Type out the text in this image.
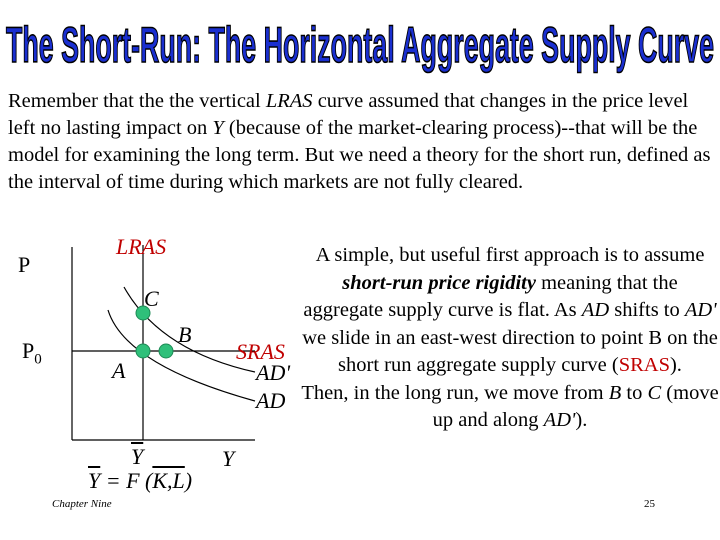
The Short-Run: The Horizontal Aggregate Supply Curve
Remember that the the vertical LRAS curve assumed that changes in the price level left no lasting impact on Y (because of the market-clearing process)--that will be the model for examining the long term. But we need a theory for the short run, defined as the interval of time during which markets are not fully cleared.
P
$P_0$
LRAS
C
B
A
SRAS
AD'
AD
$\overline{Y}$	Y
$\overline{Y} = F$ (K,L)
A simple, but useful first approach is to assume short-run price rigidity meaning that the aggregate supply curve is flat. As AD shifts to AD' we slide in an east-west direction to point B on the short run aggregate supply curve (SRAS).
Then, in the long run, we move from B to C (move up and along AD').
Chapter Nine	25
